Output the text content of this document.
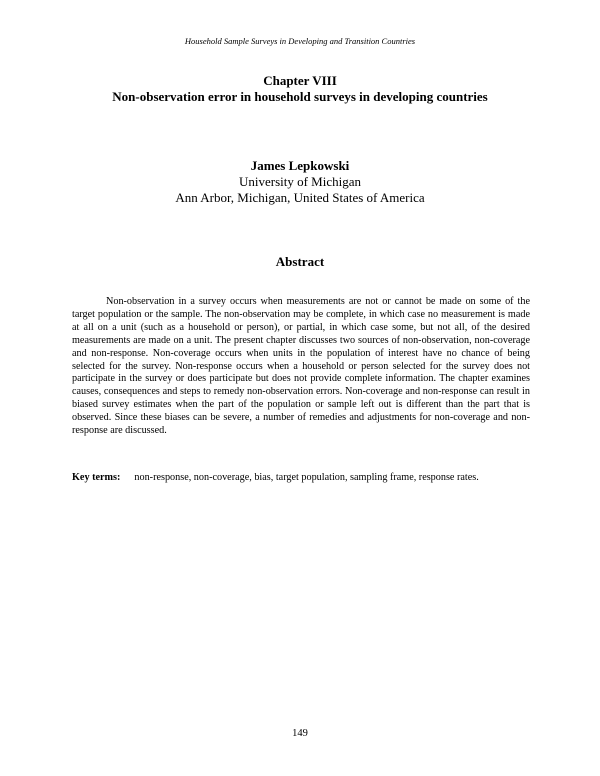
Household Sample Surveys in Developing and Transition Countries
Chapter VIII
Non-observation error in household surveys in developing countries
James Lepkowski
University of Michigan
Ann Arbor, Michigan, United States of America
Abstract

Non-observation in a survey occurs when measurements are not or cannot be made on some of the target population or the sample. The non-observation may be complete, in which case no measurement is made at all on a unit (such as a household or person), or partial, in which case some, but not all, of the desired measurements are made on a unit. The present chapter discusses two sources of non-observation, non-coverage and non-response. Non-coverage occurs when units in the population of interest have no chance of being selected for the survey. Non-response occurs when a household or person selected for the survey does not participate in the survey or does participate but does not provide complete information. The chapter examines causes, consequences and steps to remedy non-observation errors. Non-coverage and non-response can result in biased survey estimates when the part of the population or sample left out is different than the part that is observed. Since these biases can be severe, a number of remedies and adjustments for non-coverage and non-response are discussed.

Key terms: non-response, non-coverage, bias, target population, sampling frame, response rates.
149
